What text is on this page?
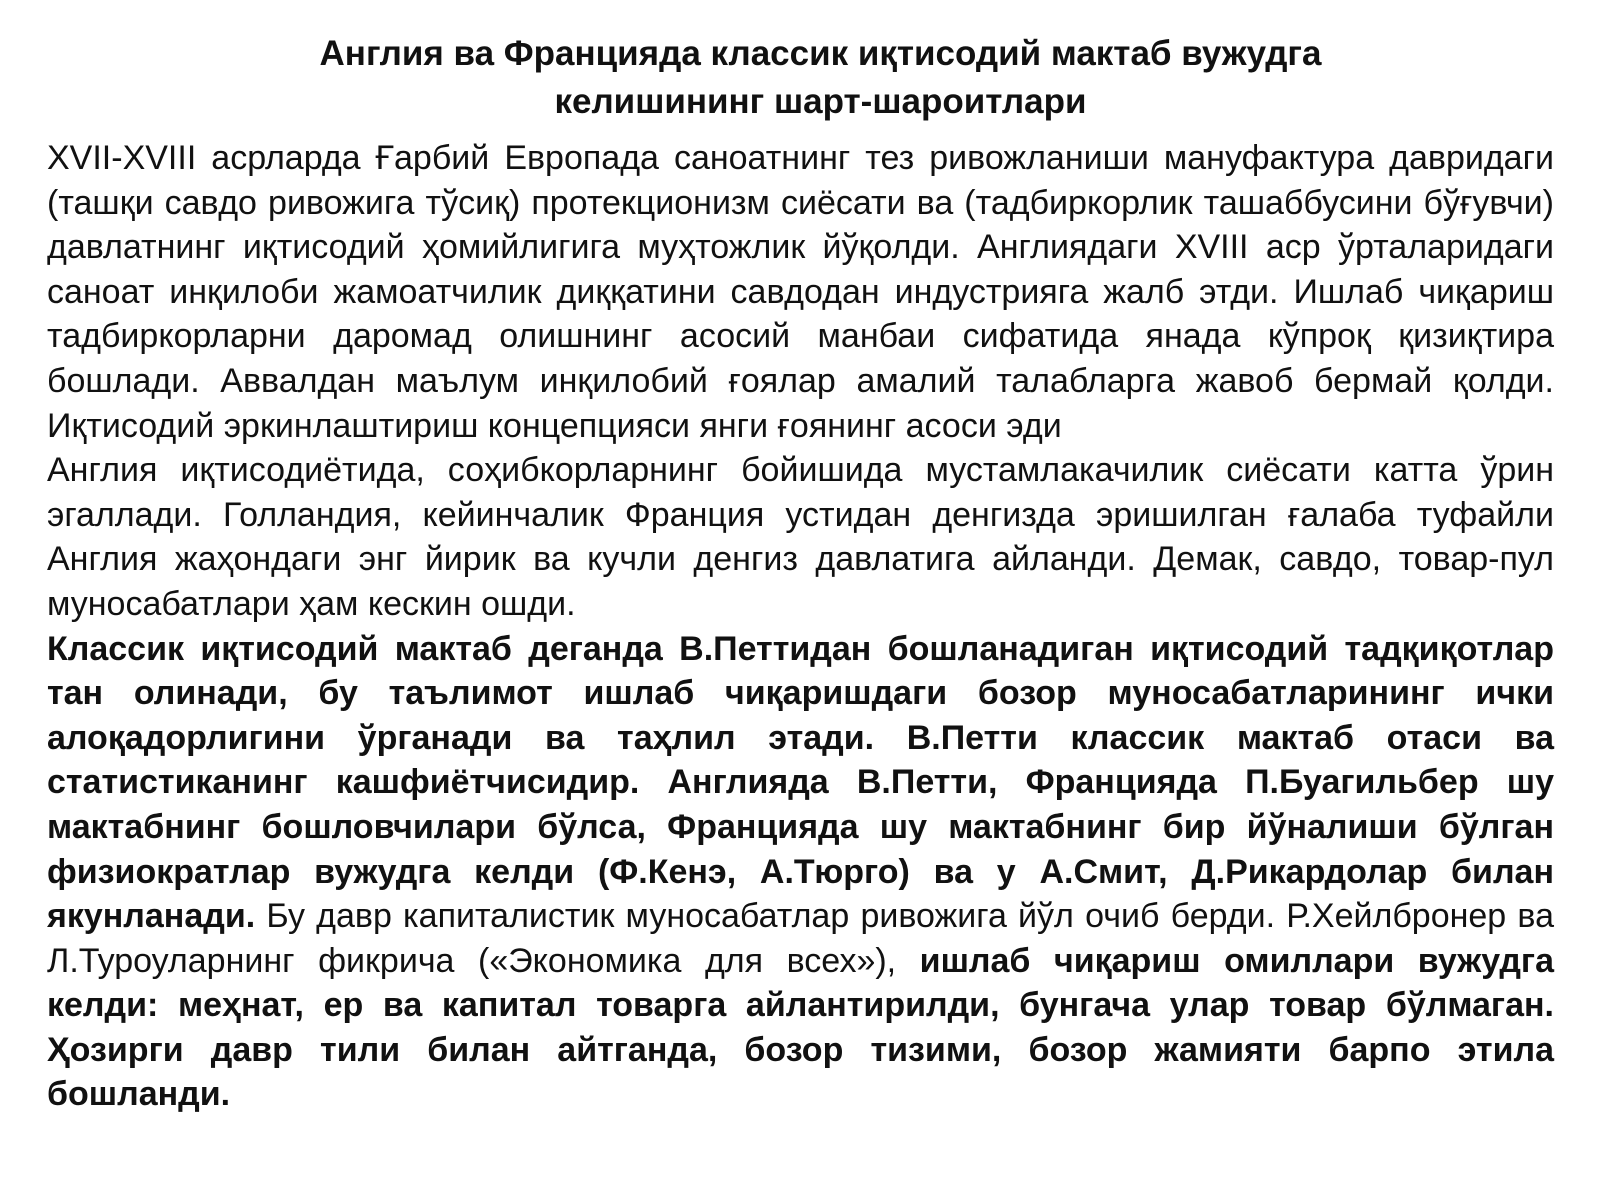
Англия ва Францияда классик иқтисодий мактаб вужудга
келишининг шарт-шароитлари

XVII-XVIII асрларда Ғарбий Европада саноатнинг тез ривожланиши мануфактура давридаги (ташқи савдо ривожига тўсиқ) протекционизм сиёсати ва (тадбиркорлик ташаббусини бўғувчи) давлатнинг иқтисодий ҳомийлигига муҳтожлик йўқолди. Англиядаги XVIII аср ўрталаридаги саноат инқилоби жамоатчилик диққатини савдодан индустрияга жалб этди. Ишлаб чиқариш тадбиркорларни даромад олишнинг асосий манбаи сифатида янада кўпроқ қизиқтира бошлади. Аввалдан маълум инқилобий ғоялар амалий талабларга жавоб бермай қолди. Иқтисодий эркинлаштириш концепцияси янги ғоянинг асоси эди

Англия иқтисодиётида, соҳибкорларнинг бойишида мустамлакачилик сиёсати катта ўрин эгаллади. Голландия, кейинчалик Франция устидан денгизда эришилган ғалаба туфайли Англия жаҳондаги энг йирик ва кучли денгиз давлатига айланди. Демак, савдо, товар-пул муносабатлари ҳам кескин ошди.

Классик иқтисодий мактаб деганда В.Петтидан бошланадиган иқтисодий тадқиқотлар тан олинади, бу таълимот ишлаб чиқаришдаги бозор муносабатларининг ички алоқадорлигини ўрганади ва таҳлил этади. В.Петти классик мактаб отаси ва статистиканинг кашфиётчисидир. Англияда В.Петти, Францияда П.Буагильбер шу мактабнинг бошловчилари бўлса, Францияда шу мактабнинг бир йўналиши бўлган физиократлар вужудга келди (Ф.Кенэ, А.Тюрго) ва у А.Смит, Д.Рикардолар билан якунланади. Бу давр капиталистик муносабатлар ривожига йўл очиб берди. Р.Хейлбронер ва Л.Туроуларнинг фикрича («Экономика для всех»), ишлаб чиқариш омиллари вужудга келди: меҳнат, ер ва капитал товарга айлантирилди, бунгача улар товар бўлмаган. Ҳозирги давр тили билан айтганда, бозор тизими, бозор жамияти барпо этила бошланди.
